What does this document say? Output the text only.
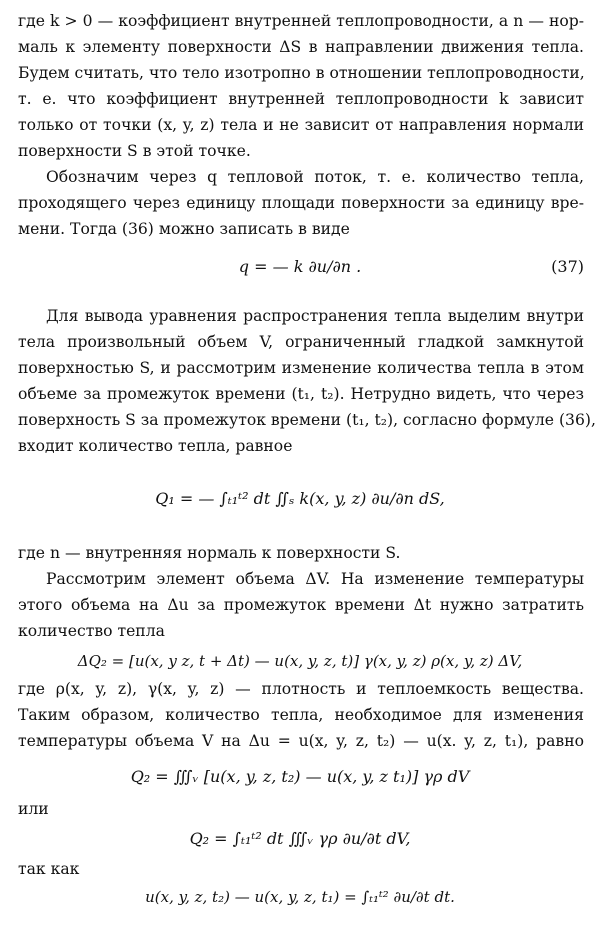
где k > 0 — коэффициент внутренней теплопроводности, а n — нор-
маль к элементу поверхности ΔS в направлении движения тепла.
Будем считать, что тело изотропно в отношении теплопроводности,
т. е. что коэффициент внутренней теплопроводности k зависит
только от точки (x, y, z) тела и не зависит от направления нормали
поверхности S в этой точке.
Обозначим через q тепловой поток, т. е. количество тепла,
проходящего через единицу площади поверхности за единицу вре-
мени. Тогда (36) можно записать в виде
q = — k ∂u/∂n .	(37)
Для вывода уравнения распространения тепла выделим внутри
тела произвольный объем V, ограниченный гладкой замкнутой
поверхностью S, и рассмотрим изменение количества тепла в этом
объеме за промежуток времени (t₁, t₂). Нетрудно видеть, что через
поверхность S за промежуток времени (t₁, t₂), согласно формуле (36),
входит количество тепла, равное
Q₁ = — ∫ₜ₁ᵗ² dt ∬ₛ k(x, y, z) ∂u/∂n dS,
где n — внутренняя нормаль к поверхности S.
Рассмотрим элемент объема ΔV. На изменение температуры
этого объема на Δu за промежуток времени Δt нужно затратить
количество тепла
ΔQ₂ = [u(x, y z, t + Δt) — u(x, y, z, t)] γ(x, y, z) ρ(x, y, z) ΔV,
где ρ(x, y, z), γ(x, y, z) — плотность и теплоемкость вещества.
Таким образом, количество тепла, необходимое для изменения
температуры объема V на Δu = u(x, y, z, t₂) — u(x. y, z, t₁), равно
Q₂ = ∭ᵥ [u(x, y, z, t₂) — u(x, y, z t₁)] γρ dV
или
Q₂ = ∫ₜ₁ᵗ² dt ∭ᵥ γρ ∂u/∂t dV,
так как
u(x, y, z, t₂) — u(x, y, z, t₁) = ∫ₜ₁ᵗ² ∂u/∂t dt.
